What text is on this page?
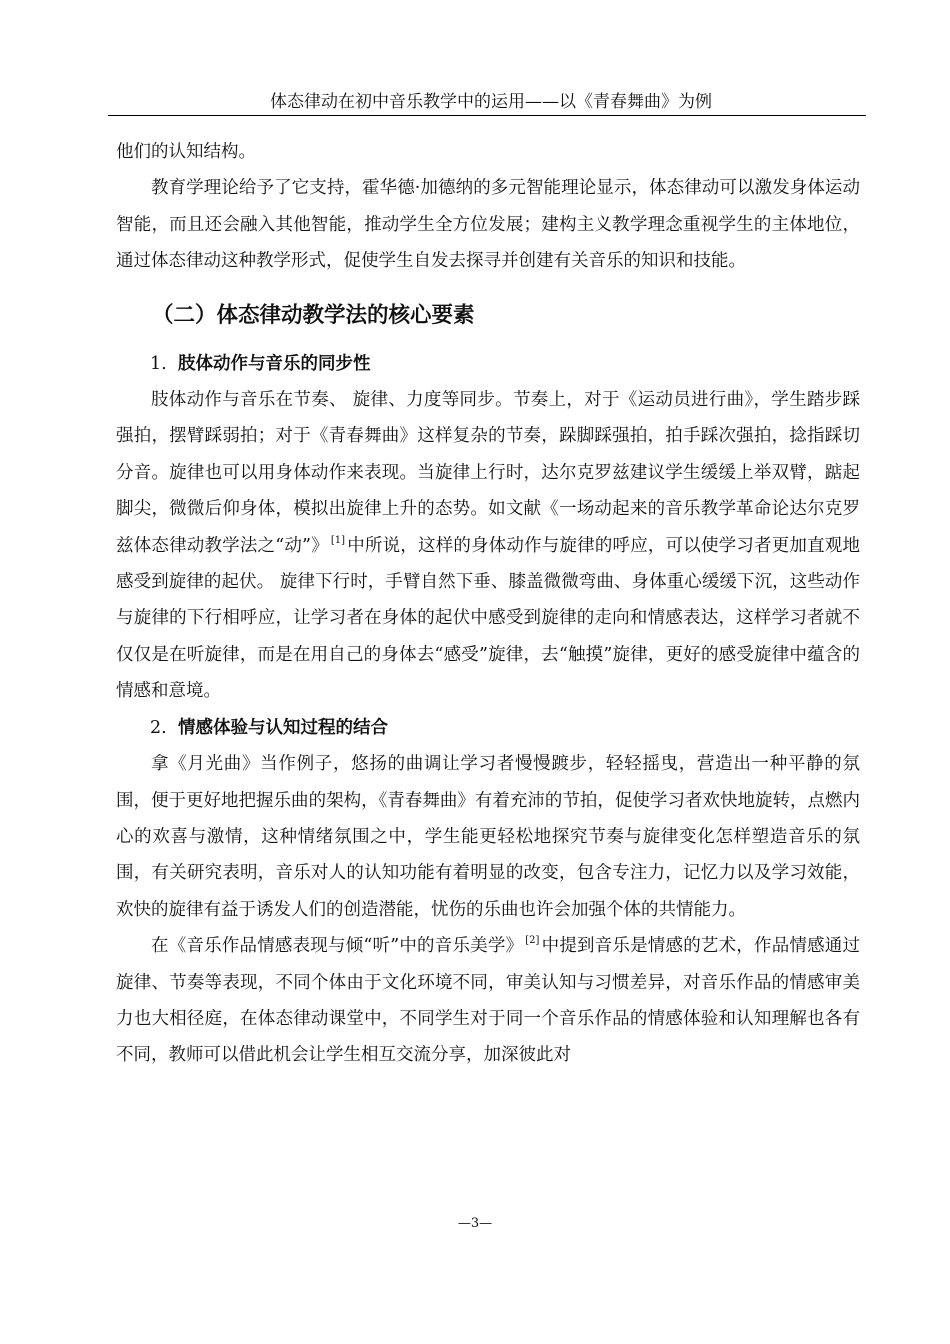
体态律动在初中音乐教学中的运用——以《青春舞曲》为例

他们的认知结构。

教育学理论给予了它支持，霍华德·加德纳的多元智能理论显示，体态律动可以激发身体运动智能，而且还会融入其他智能，推动学生全方位发展；建构主义教学理念重视学生的主体地位，通过体态律动这种教学形式，促使学生自发去探寻并创建有关音乐的知识和技能。

（二）体态律动教学法的核心要素
1. 肢体动作与音乐的同步性

肢体动作与音乐在节奏、 旋律、力度等同步。节奏上，对于《运动员进行曲》，学生踏步踩强拍，摆臂踩弱拍；对于《青春舞曲》这样复杂的节奏，跺脚踩强拍，拍手踩次强拍，捻指踩切分音。旋律也可以用身体动作来表现。当旋律上行时，达尔克罗兹建议学生缓缓上举双臂，踮起脚尖，微微后仰身体，模拟出旋律上升的态势。如文献《一场动起来的音乐教学革命论达尔克罗兹体态律动教学法之“动”》 [1] 中所说，这样的身体动作与旋律的呼应，可以使学习者更加直观地感受到旋律的起伏。 旋律下行时，手臂自然下垂、膝盖微微弯曲、身体重心缓缓下沉，这些动作与旋律的下行相呼应，让学习者在身体的起伏中感受到旋律的走向和情感表达，这样学习者就不仅仅是在听旋律，而是在用自己的身体去“感受”旋律，去“触摸”旋律，更好的感受旋律中蕴含的情感和意境。

2. 情感体验与认知过程的结合

拿《月光曲》当作例子，悠扬的曲调让学习者慢慢踱步，轻轻摇曳，营造出一种平静的氛围，便于更好地把握乐曲的架构，《青春舞曲》有着充沛的节拍，促使学习者欢快地旋转，点燃内心的欢喜与激情，这种情绪氛围之中，学生能更轻松地探究节奏与旋律变化怎样塑造音乐的氛围，有关研究表明，音乐对人的认知功能有着明显的改变，包含专注力，记忆力以及学习效能，欢快的旋律有益于诱发人们的创造潜能，忧伤的乐曲也许会加强个体的共情能力。

在《音乐作品情感表现与倾“听”中的音乐美学》 [2] 中提到音乐是情感的艺术，作品情感通过旋律、节奏等表现，不同个体由于文化环境不同，审美认知与习惯差异，对音乐作品的情感审美力也大相径庭，在体态律动课堂中，不同学生对于同一个音乐作品的情感体验和认知理解也各有不同，教师可以借此机会让学生相互交流分享，加深彼此对

—3—
